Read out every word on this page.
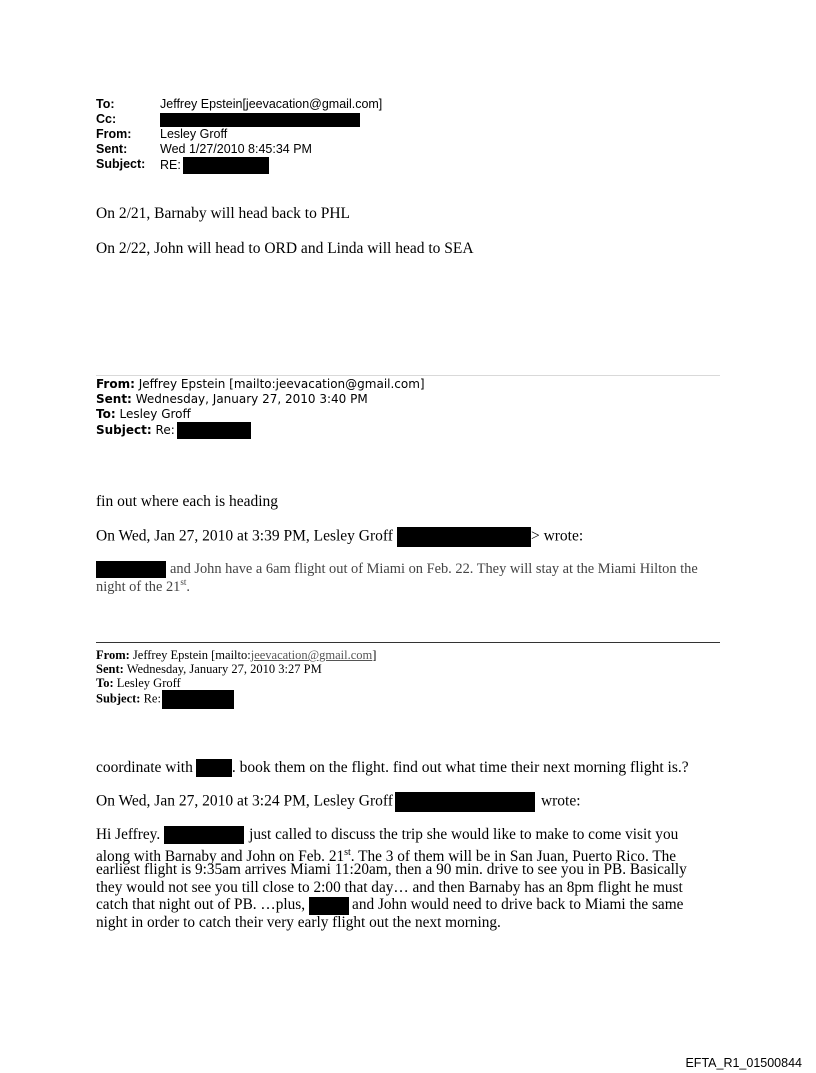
To:	Jeffrey Epstein[jeevacation@gmail.com]
Cc:
From: Lesley Groff
Sent:	Wed 1/27/2010 8:45:34 PM
Subject: RE:
On 2/21, Barnaby will head back to PHL
On 2/22, John will head to ORD and Linda will head to SEA
From: Jeffrey Epstein [mailto:jeevacation@gmail.com]
Sent: Wednesday, January 27, 2010 3:40 PM
To: Lesley Groff
Subject: Re:
fin out where each is heading
On Wed, Jan 27, 2010 at 3:39 PM, Lesley Groff	> wrote:
and John have a 6am flight out of Miami on Feb. 22. They will stay at the Miami Hilton the
night of the 21st.
From: Jeffrey Epstein [mailto:jeevacation@gmail.com]
Sent: Wednesday, January 27, 2010 3:27 PM
To: Lesley Groff
Subject: Re:
coordinate with	. book them on the flight. find out what time their next morning flight is.?
On Wed, Jan 27, 2010 at 3:24 PM, Lesley Groff	wrote:
Hi Jeffrey.	just called to discuss the trip she would like to make to come visit you
along with Barnaby and John on Feb. 21st. The 3 of them will be in San Juan, Puerto Rico. The
earliest flight is 9:35am arrives Miami 11:20am, then a 90 min. drive to see you in PB. Basically
they would not see you till close to 2:00 that day… and then Barnaby has an 8pm flight he must
catch that night out of PB. …plus,	and John would need to drive back to Miami the same
night in order to catch their very early flight out the next morning.
EFTA_R1_01500844
